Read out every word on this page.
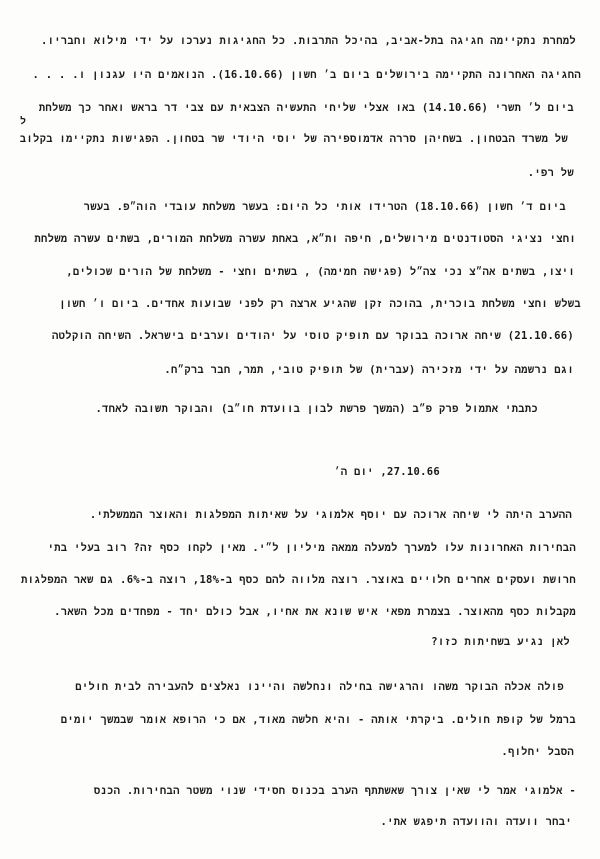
למחרת נתקיימה חגיגה בתל-אביב, בהיכל התרבות. כל החגיגות נערכו על ידי מילוא וחבריו.
החגיגה האחרונה התקיימה בירושלים ביום ב׳ חשון (16.10.66). הנואמים היו עגנון ו. . . .
ביום ל׳ תשרי (14.10.66) באו אצלי שליחי התעשיה הצבאית עם צבי דר בראש ואחר כך משלחת
ל
של משרד הבטחון. בשחיהן סררה אדמוספירה של יוסי היודי שר בטחון. הפגישות נתקיימו בקלוב
של רפי.
ביום ד׳ חשון (18.10.66) הטרידו אותי כל היום: בעשר משלחת עובדי הוה״פ. בעשר
וחצי נציגי הסטודנטים מירושלים, חיפה ות״א, באחת עשרה משלחת המורים, בשתים עשרה משלחת
ויצו, בשתים אה״צ נכי צה״ל (פגישה חמימה) , בשתים וחצי - משלחת של הורים שכולים,
בשלש וחצי משלחת בוכרית, בהוכה זקן שהגיע ארצה רק לפני שבועות אחדים. ביום ו׳ חשון
(21.10.66) שיחה ארוכה בבוקר עם תופיק טוסי על יהודים וערבים בישראל. השיחה הוקלטה
וגם נרשמה על ידי מזכירה (עברית) של תופיק טובי, תמר, חבר ברק״ח.
כתבתי אתמול פרק פ״ב (המשך פרשת לבון בוועדת חו״ב) והבוקר תשובה לאחד.
27.10.66, יום ה׳
ההערב היתה לי שיחה ארוכה עם יוסף אלמוגי על שאיתות המפלגות והאוצר הממשלתי.
הבחירות האחרונות עלו למערך למעלה ממאה מיליון ל״י. מאין לקחו כסף זה? רוב בעלי בתי
חרושת ועסקים אחרים חלויים באוצר. רוצה מלווה להם כסף ב-18%, רוצה ב-6%. גם שאר המפלגות
מקבלות כסף מהאוצר. בצמרת מפאי איש שונא את אחיו, אבל כולם יחד - מפחדים מכל השאר.
לאן נגיע בשחיתות כזו?
פולה אכלה הבוקר משהו והרגישה בחילה ונחלשה והיינו נאלצים להעבירה לבית חולים
ברמל של קופת חולים. ביקרתי אותה - והיא חלשה מאוד, אם כי הרופא אומר שבמשך יומים
הסבל יחלוף.
- אלמוגי אמר לי שאין צורך שאשתתף הערב בכנוס חסידי שנוי משטר הבחירות. הכנס
יבחר וועדה והוועדה תיפגש אתי.
